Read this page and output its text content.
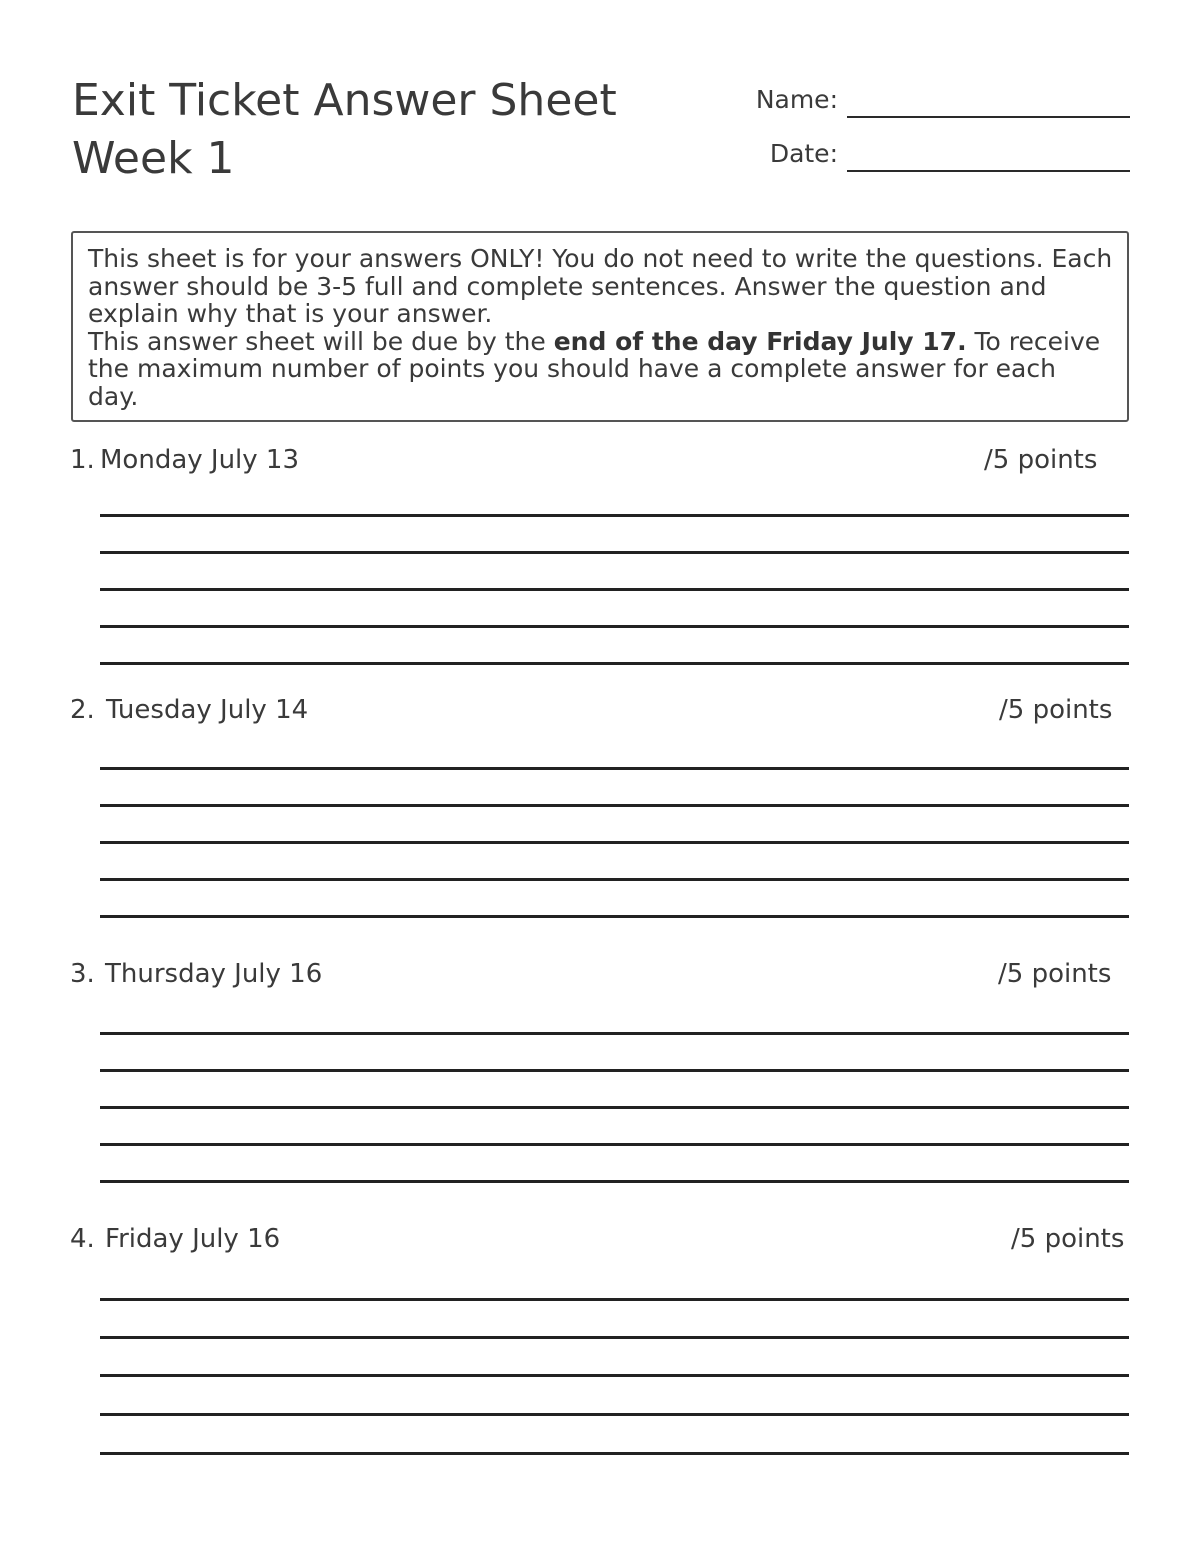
Exit Ticket Answer Sheet
Week 1
Name:
Date:

This sheet is for your answers ONLY! You do not need to write the questions. Each answer should be 3-5 full and complete sentences. Answer the question and explain why that is your answer.

This answer sheet will be due by the end of the day Friday July 17. To receive the maximum number of points you should have a complete answer for each day.

1. Monday July 13	/5 points
2. Tuesday July 14	/5 points
3. Thursday July 16	/5 points
4. Friday July 16	/5 points
